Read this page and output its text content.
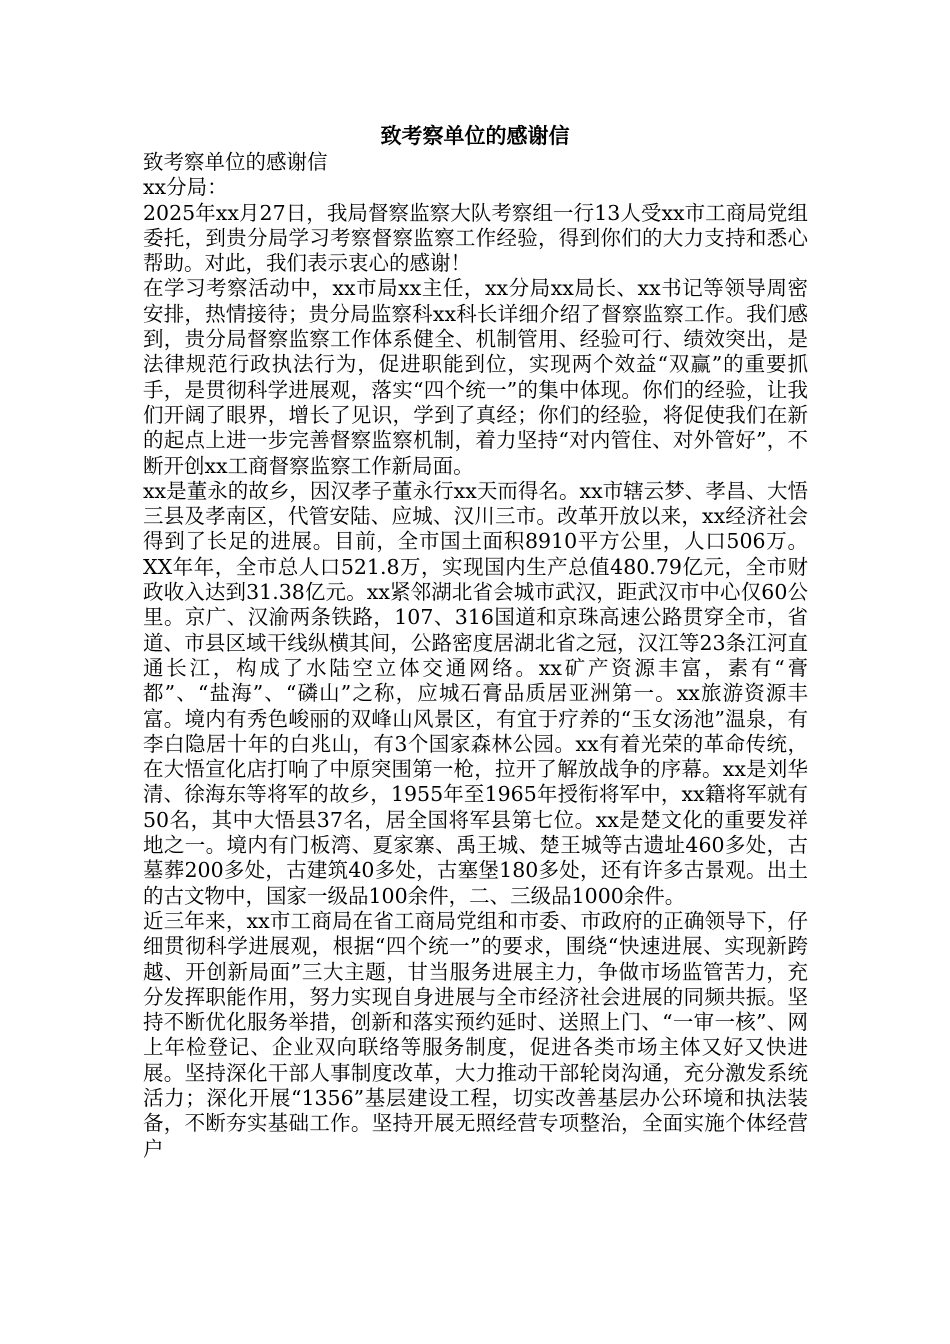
致考察单位的感谢信

致考察单位的感谢信

xx分局：

2025年xx月27日，我局督察监察大队考察组一行13人受xx市工商局党组委托，到贵分局学习考察督察监察工作经验，得到你们的大力支持和悉心帮助。对此，我们表示衷心的感谢！

在学习考察活动中，xx市局xx主任，xx分局xx局长、xx书记等领导周密安排，热情接待；贵分局监察科xx科长详细介绍了督察监察工作。我们感到，贵分局督察监察工作体系健全、机制管用、经验可行、绩效突出，是法律规范行政执法行为，促进职能到位，实现两个效益“双赢”的重要抓手，是贯彻科学进展观，落实“四个统一”的集中体现。你们的经验，让我们开阔了眼界，增长了见识，学到了真经；你们的经验，将促使我们在新的起点上进一步完善督察监察机制，着力坚持“对内管住、对外管好”，不断开创xx工商督察监察工作新局面。

xx是董永的故乡，因汉孝子董永行xx天而得名。xx市辖云梦、孝昌、大悟三县及孝南区，代管安陆、应城、汉川三市。改革开放以来，xx经济社会得到了长足的进展。目前，全市国土面积8910平方公里，人口506万。XX年年，全市总人口521.8万，实现国内生产总值480.79亿元，全市财政收入达到31.38亿元。xx紧邻湖北省会城市武汉，距武汉市中心仅60公里。京广、汉渝两条铁路，107、316国道和京珠高速公路贯穿全市，省道、市县区域干线纵横其间，公路密度居湖北省之冠，汉江等23条江河直通长江，构成了水陆空立体交通网络。xx矿产资源丰富，素有“膏都”、“盐海”、“磷山”之称，应城石膏品质居亚洲第一。xx旅游资源丰富。境内有秀色峻丽的双峰山风景区，有宜于疗养的“玉女汤池”温泉，有李白隐居十年的白兆山，有3个国家森林公园。xx有着光荣的革命传统，在大悟宣化店打响了中原突围第一枪，拉开了解放战争的序幕。xx是刘华清、徐海东等将军的故乡，1955年至1965年授衔将军中，xx籍将军就有50名，其中大悟县37名，居全国将军县第七位。xx是楚文化的重要发祥地之一。境内有门板湾、夏家寨、禹王城、楚王城等古遗址460多处，古墓葬200多处，古建筑40多处，古塞堡180多处，还有许多古景观。出土的古文物中，国家一级品100余件，二、三级品1000余件。

近三年来，xx市工商局在省工商局党组和市委、市政府的正确领导下，仔细贯彻科学进展观，根据“四个统一”的要求，围绕“快速进展、实现新跨越、开创新局面”三大主题，甘当服务进展主力，争做市场监管苦力，充分发挥职能作用，努力实现自身进展与全市经济社会进展的同频共振。坚持不断优化服务举措，创新和落实预约延时、送照上门、“一审一核”、网上年检登记、企业双向联络等服务制度，促进各类市场主体又好又快进展。坚持深化干部人事制度改革，大力推动干部轮岗沟通，充分激发系统活力；深化开展“1356”基层建设工程，切实改善基层办公环境和执法装备，不断夯实基础工作。坚持开展无照经营专项整治，全面实施个体经营户
